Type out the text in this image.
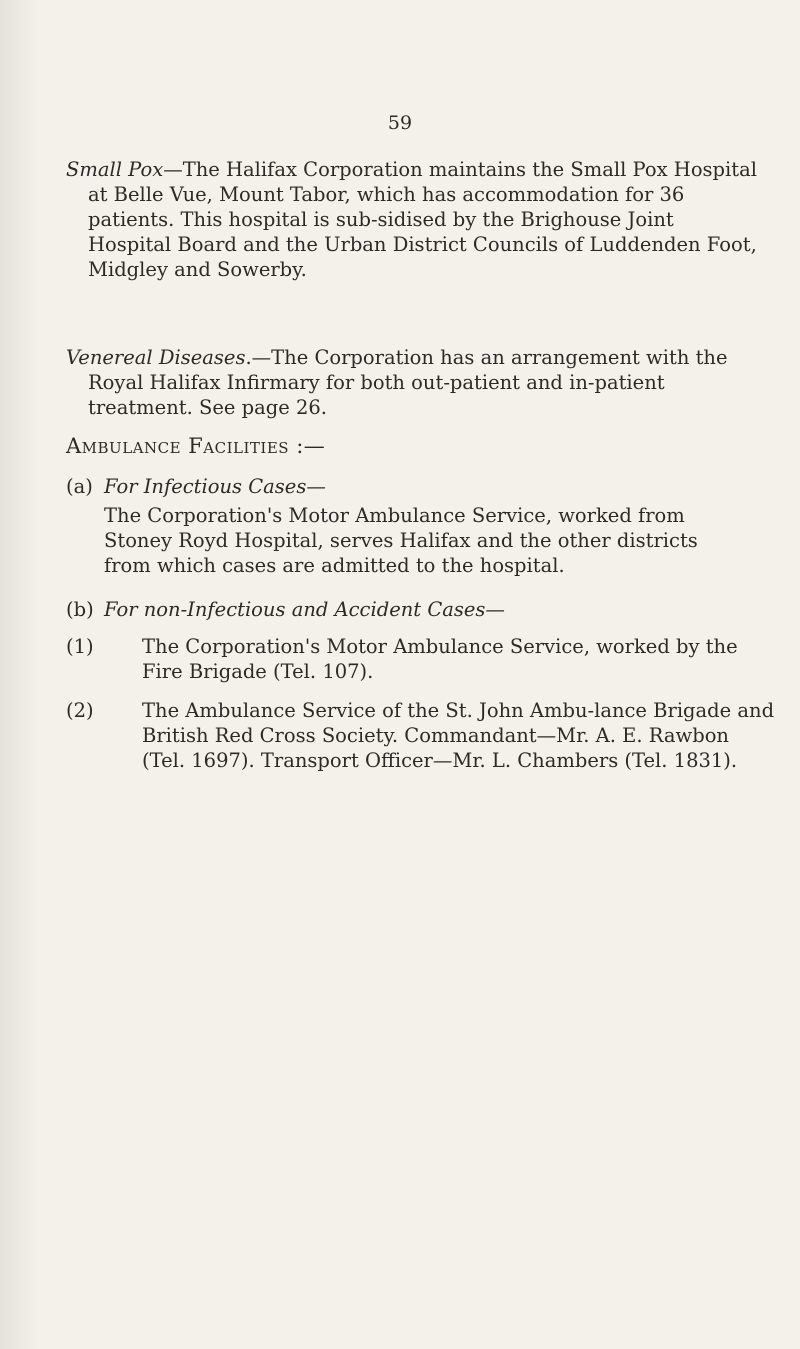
59
Small Pox—The Halifax Corporation maintains the Small Pox Hospital at Belle Vue, Mount Tabor, which has accommodation for 36 patients. This hospital is sub-sidised by the Brighouse Joint Hospital Board and the Urban District Councils of Luddenden Foot, Midgley and Sowerby.
Venereal Diseases.—The Corporation has an arrangement with the Royal Halifax Infirmary for both out-patient and in-patient treatment. See page 26.
Ambulance Facilities :—
(a) For Infectious Cases—
The Corporation's Motor Ambulance Service, worked from Stoney Royd Hospital, serves Halifax and the other districts from which cases are admitted to the hospital.
(b) For non-Infectious and Accident Cases—
(1) The Corporation's Motor Ambulance Service, worked by the Fire Brigade (Tel. 107).
(2) The Ambulance Service of the St. John Ambu-lance Brigade and British Red Cross Society. Commandant—Mr. A. E. Rawbon (Tel. 1697). Transport Officer—Mr. L. Chambers (Tel. 1831).
